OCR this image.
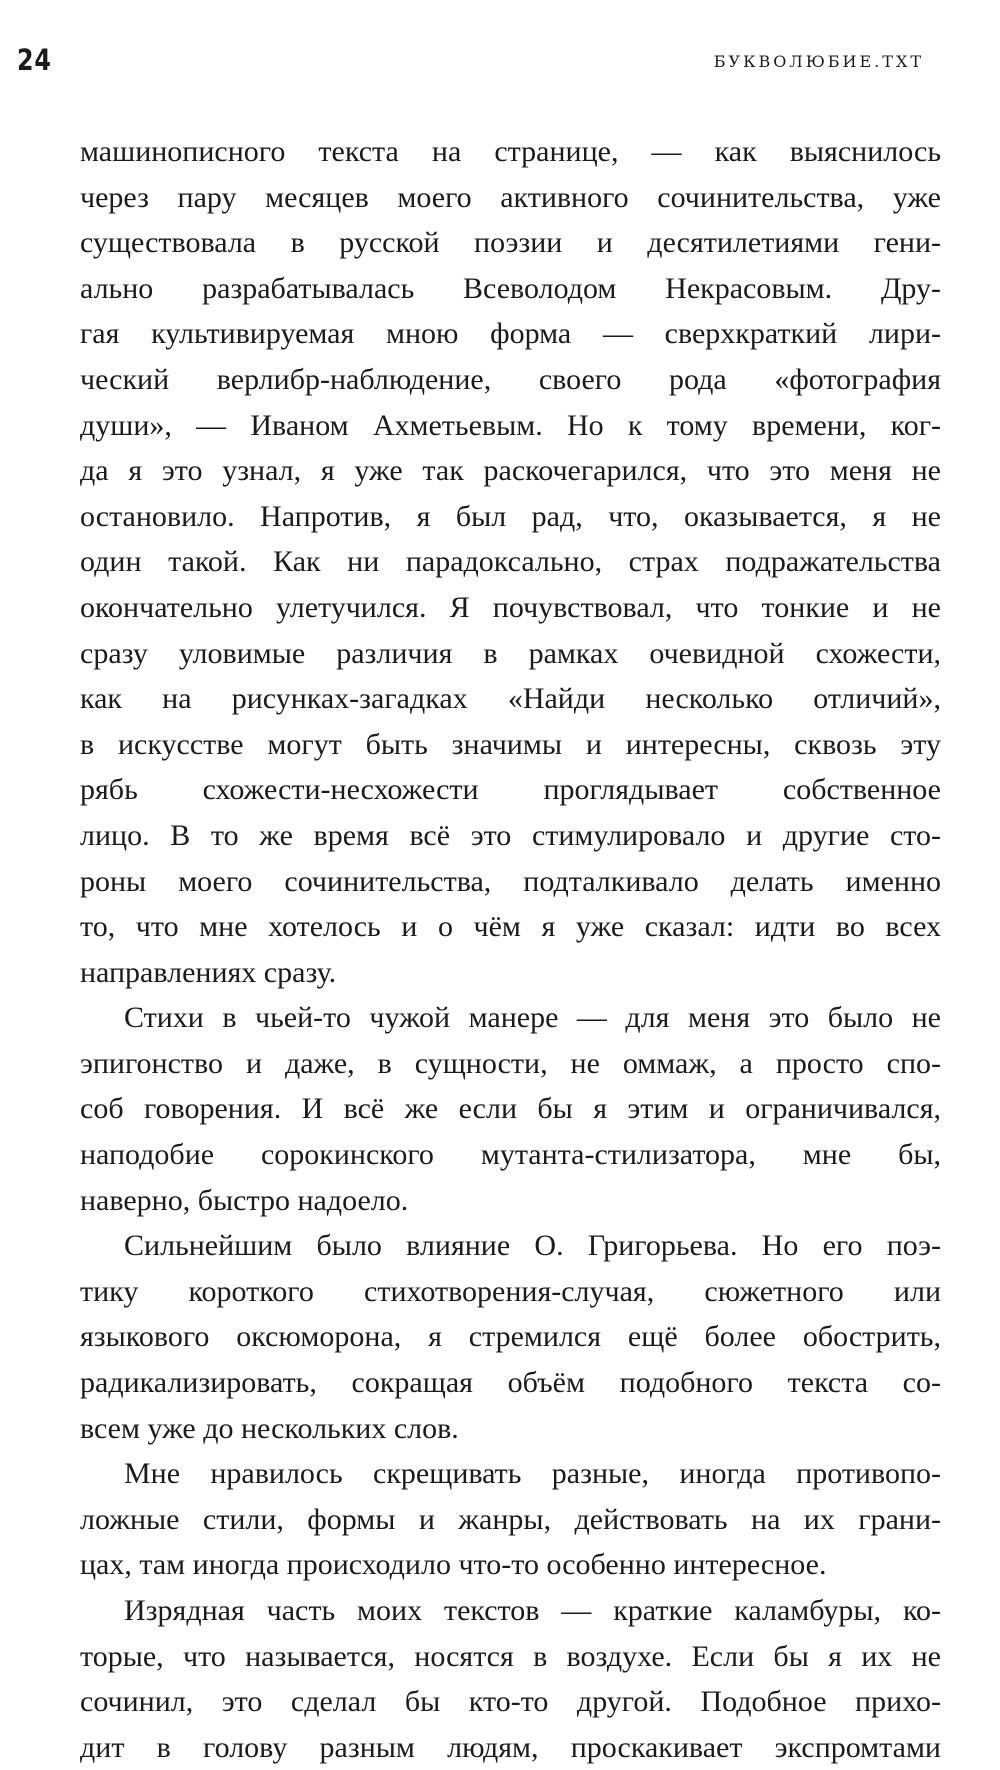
24	БУКВОЛЮБИЕ.ТХТ
машинописного текста на странице, — как выяснилось
через пару месяцев моего активного сочинительства, уже
существовала в русской поэзии и десятилетиями гени-
ально разрабатывалась Всеволодом Некрасовым. Дру-
гая культивируемая мною форма — сверхкраткий лири-
ческий верлибр-наблюдение, своего рода «фотография
души», — Иваном Ахметьевым. Но к тому времени, ког-
да я это узнал, я уже так раскочегарился, что это меня не
остановило. Напротив, я был рад, что, оказывается, я не
один такой. Как ни парадоксально, страх подражательства
окончательно улетучился. Я почувствовал, что тонкие и не
сразу уловимые различия в рамках очевидной схожести,
как на рисунках-загадках «Найди несколько отличий»,
в искусстве могут быть значимы и интересны, сквозь эту
рябь схожести-несхожести проглядывает собственное
лицо. В то же время всё это стимулировало и другие сто-
роны моего сочинительства, подталкивало делать именно
то, что мне хотелось и о чём я уже сказал: идти во всех
направлениях сразу.
Стихи в чьей-то чужой манере — для меня это было не
эпигонство и даже, в сущности, не оммаж, а просто спо-
соб говорения. И всё же если бы я этим и ограничивался,
наподобие сорокинского мутанта-стилизатора, мне бы,
наверно, быстро надоело.
Сильнейшим было влияние О. Григорьева. Но его поэ-
тику короткого стихотворения-случая, сюжетного или
языкового оксюморона, я стремился ещё более обострить,
радикализировать, сокращая объём подобного текста со-
всем уже до нескольких слов.
Мне нравилось скрещивать разные, иногда противопо-
ложные стили, формы и жанры, действовать на их грани-
цах, там иногда происходило что-то особенно интересное.
Изрядная часть моих текстов — краткие каламбуры, ко-
торые, что называется, носятся в воздухе. Если бы я их не
сочинил, это сделал бы кто-то другой. Подобное прихо-
дит в голову разным людям, проскакивает экспромтами
